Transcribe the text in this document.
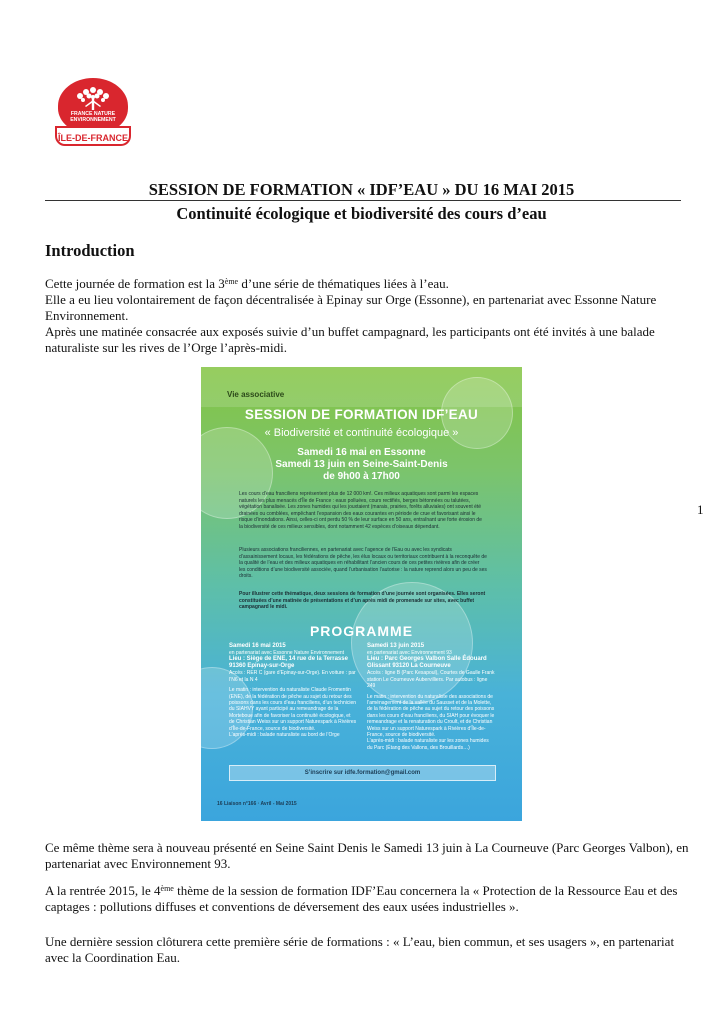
FRANCE NATURE
ENVIRONNEMENT
ÎLE-DE-FRANCE
SESSION DE FORMATION « IDF’EAU » DU 16 MAI 2015
Continuité écologique et biodiversité des cours d’eau
Introduction
Cette journée de formation est la 3ème d’une série de thématiques liées à l’eau.
Elle a eu lieu volontairement de façon décentralisée à Epinay sur Orge (Essonne), en partenariat avec Essonne Nature Environnement.
Après une matinée consacrée aux exposés suivie d’un buffet campagnard, les participants ont été invités à une balade naturaliste sur les rives de l’Orge l’après-midi.
1
Vie associative
SESSION DE FORMATION IDF’EAU
« Biodiversité et continuité écologique »
Samedi 16 mai en Essonne
Samedi 13 juin en Seine-Saint-Denis
de 9h00 à 17h00
Les cours d’eau franciliens représentent plus de 12 000 km!. Ces milieux aquatiques sont parmi les espaces naturels les plus menacés d’Île de France : eaux polluées, cours rectifiés, berges bétonnées ou talutées, végétation banalisée. Les zones humides qui les jouxtaient (marais, prairies, forêts alluviales) ont souvent été drainées ou comblées, empêchant l’expansion des eaux courantes en période de crue et favorisant ainsi le risque d’inondations. Ainsi, celles-ci ont perdu 50 % de leur surface en 50 ans, entraînant une forte érosion de la biodiversité de ces milieux sensibles, dont notamment 42 espèces d’oiseaux dépendant.
Plusieurs associations franciliennes, en partenariat avec l’agence de l’Eau ou avec les syndicats d’assainissement locaux, les fédérations de pêche, les élus locaux ou territoriaux contribuent à la reconquête de la qualité de l’eau et des milieux aquatiques en réhabilitant l’ancien cours de ces petites rivières afin de créer les conditions d’une biodiversité associée, quand l’urbanisation l’autorise : la nature reprend alors un peu de ses droits.
Pour illustrer cette thématique, deux sessions de formation d’une journée sont organisées. Elles seront constituées d’une matinée de présentations et d’un après midi de promenade sur sites, avec buffet campagnard le midi.
PROGRAMME
Samedi 16 mai 2015
en partenariat avec Essonne Nature Environnement
Lieu : Siège de ENE, 14 rue de la Terrasse 91360 Epinay-sur-Orge
Accès : RER C (gare d’Epinay-sur-Orge). En voiture : par l’N6 et la N 4
Le matin : intervention du naturaliste Claude Fromentin (ENE), de la fédération de pêche au sujet du retour des poissons dans les cours d’eau franciliens, d’un technicien du SIAHVY ayant participé au remeandrage de la Morteboue afin de favoriser la continuité écologique, et de Christian Weiss sur un support Naturespark à Rivières d’Île-de-France, source de biodiversité.
L’après-midi : balade naturaliste au bord de l’Orge
Samedi 13 juin 2015
en partenariat avec Environnement 93
Lieu : Parc Georges Valbon Salle Édouard Glissant 93120 La Courneuve
Accès : ligne B (Parc Kesapoul), Courtes de Gaulle Frank station Le Courneuve Aubervilliers. Par autobus : ligne 249
Le matin : intervention du naturaliste des associations de l’aménagement de la vallée du Sausset et de la Molette, de la fédération de pêche au sujet du retour des poissons dans les cours d’eau franciliens, du SIAH pour évoquer le remeandrage et la renaturation du Croult, et de Christian Weiss sur un support Naturespark à Rivières d’Île-de-France, source de biodiversité.
L’après-midi : balade naturaliste sur les zones humides du Parc (Étang des Vallons, des Brouillards…)
S’inscrire sur idfe.formation@gmail.com
16 Liaison n°166 · Avril - Mai 2015
Ce même thème sera à nouveau présenté en Seine Saint Denis le Samedi 13 juin à La Courneuve (Parc Georges Valbon), en partenariat avec Environnement 93.
A la rentrée 2015, le 4ème thème de la session de formation IDF’Eau concernera la « Protection de la Ressource Eau et des captages : pollutions diffuses et conventions de déversement des eaux usées industrielles ».
Une dernière session clôturera cette première série de formations : « L’eau, bien commun, et ses usagers », en partenariat avec la Coordination Eau.
